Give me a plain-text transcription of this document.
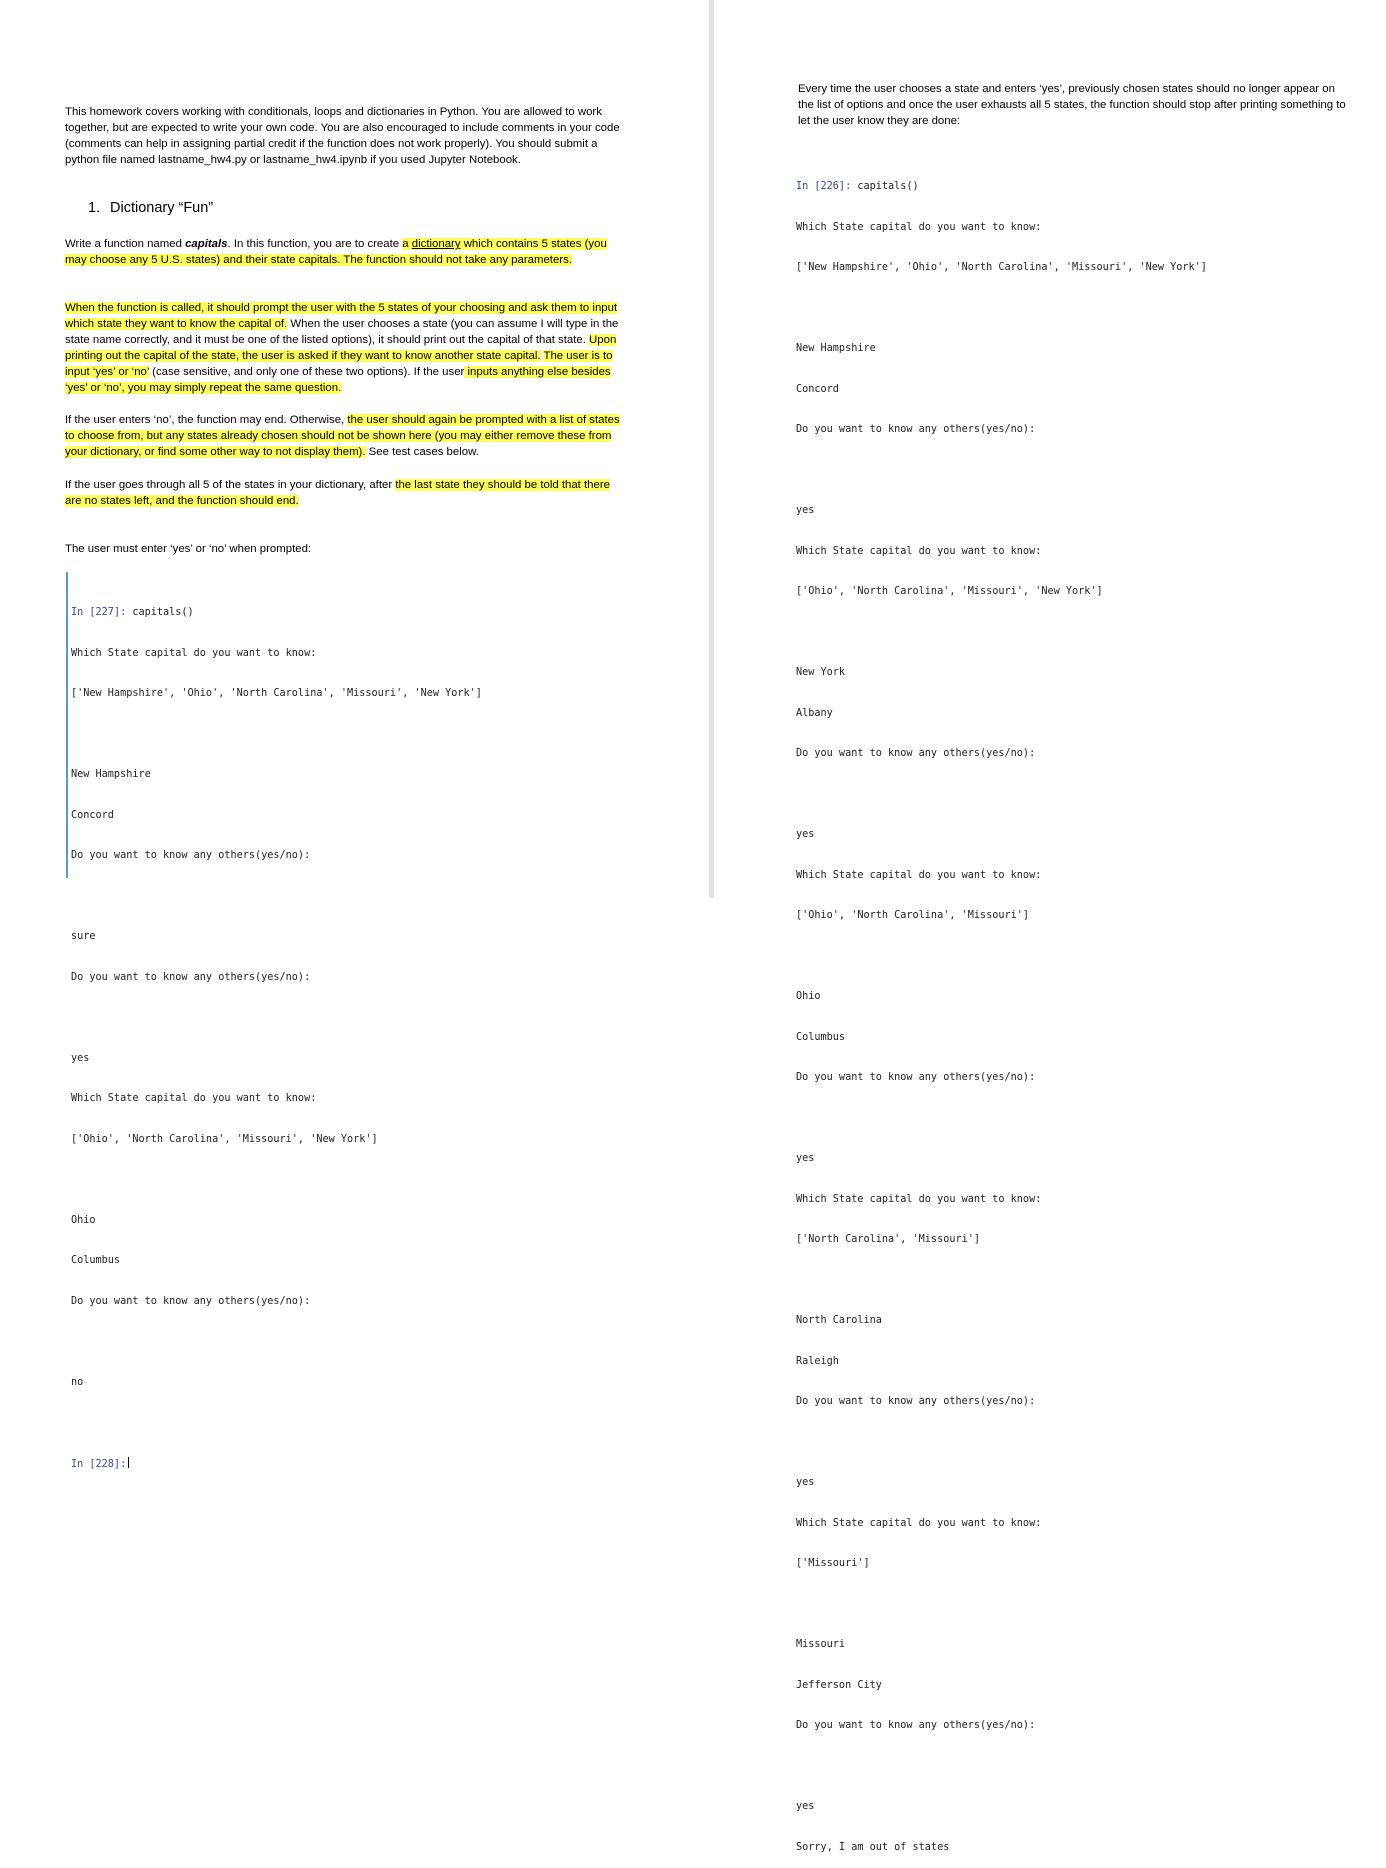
This homework covers working with conditionals, loops and dictionaries in Python. You are allowed to work together, but are expected to write your own code. You are also encouraged to include comments in your code (comments can help in assigning partial credit if the function does not work properly). You should submit a python file named lastname_hw4.py or lastname_hw4.ipynb if you used Jupyter Notebook.

1. Dictionary “Fun”

Write a function named capitals. In this function, you are to create a dictionary which contains 5 states (you may choose any 5 U.S. states) and their state capitals. The function should not take any parameters.

When the function is called, it should prompt the user with the 5 states of your choosing and ask them to input which state they want to know the capital of. When the user chooses a state (you can assume I will type in the state name correctly, and it must be one of the listed options), it should print out the capital of that state. Upon printing out the capital of the state, the user is asked if they want to know another state capital. The user is to input ‘yes’ or ‘no’ (case sensitive, and only one of these two options). If the user inputs anything else besides ‘yes’ or ‘no’, you may simply repeat the same question.

If the user enters ‘no’, the function may end. Otherwise, the user should again be prompted with a list of states to choose from, but any states already chosen should not be shown here (you may either remove these from your dictionary, or find some other way to not display them). See test cases below.

If the user goes through all 5 of the states in your dictionary, after the last state they should be told that there are no states left, and the function should end.

The user must enter ‘yes’ or ‘no’ when prompted:

In [227]: capitals()

Which State capital do you want to know:

['New Hampshire', 'Ohio', 'North Carolina', 'Missouri', 'New York']

New Hampshire

Concord

Do you want to know any others(yes/no):

sure

Do you want to know any others(yes/no):

yes

Which State capital do you want to know:

['Ohio', 'North Carolina', 'Missouri', 'New York']

Ohio

Columbus

Do you want to know any others(yes/no):

no

In [228]:

Every time the user chooses a state and enters ‘yes’, previously chosen states should no longer appear on the list of options and once the user exhausts all 5 states, the function should stop after printing something to let the user know they are done:

In [226]: capitals()

Which State capital do you want to know:

['New Hampshire', 'Ohio', 'North Carolina', 'Missouri', 'New York']

New Hampshire

Concord

Do you want to know any others(yes/no):

yes

Which State capital do you want to know:

['Ohio', 'North Carolina', 'Missouri', 'New York']

New York

Albany

Do you want to know any others(yes/no):

yes

Which State capital do you want to know:

['Ohio', 'North Carolina', 'Missouri']

Ohio

Columbus

Do you want to know any others(yes/no):

yes

Which State capital do you want to know:

['North Carolina', 'Missouri']

North Carolina

Raleigh

Do you want to know any others(yes/no):

yes

Which State capital do you want to know:

['Missouri']

Missouri

Jefferson City

Do you want to know any others(yes/no):

yes

Sorry, I am out of states
